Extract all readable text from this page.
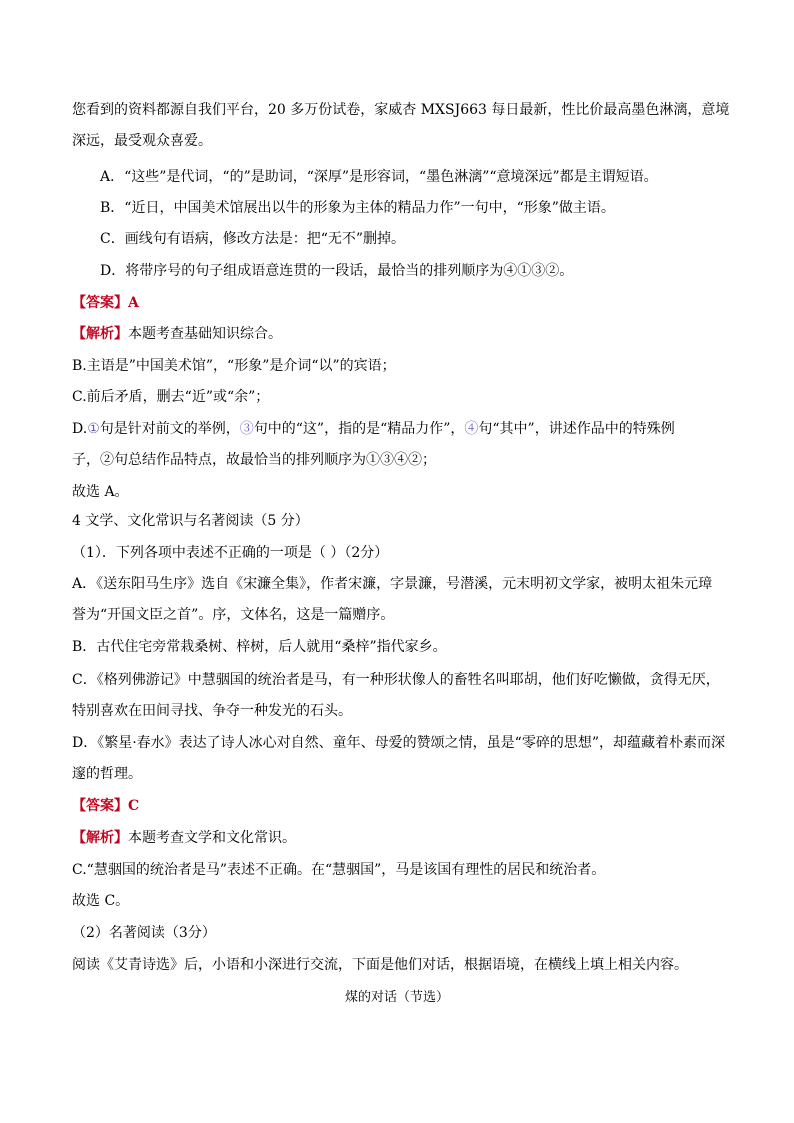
您看到的资料都源自我们平台，20 多万份试卷，家威杏 MXSJ663 每日最新，性比价最高墨色淋漓，意境
深远，最受观众喜爱。
A．“这些”是代词，“的”是助词，“深厚”是形容词，“墨色淋漓”“意境深远”都是主谓短语。
B．“近日，中国美术馆展出以牛的形象为主体的精品力作”一句中，“形象”做主语。
C．画线句有语病，修改方法是：把“无不”删掉。
D．将带序号的句子组成语意连贯的一段话，最恰当的排列顺序为④①③②。
【答案】A
【解析】本题考查基础知识综合。
B.主语是”中国美术馆”，“形象”是介词“以”的宾语；
C.前后矛盾，删去“近”或“余”；
D.①句是针对前文的举例，③句中的“这”，指的是“精品力作”，④句“其中”，讲述作品中的特殊例
子，②句总结作品特点，故最恰当的排列顺序为①③④②；
故选 A。
4 文学、文化常识与名著阅读（5 分）
（1）．下列各项中表述不正确的一项是（ ）（2分）
A．《送东阳马生序》选自《宋濂全集》，作者宋濂，字景濂，号潜溪，元末明初文学家，被明太祖朱元璋
誉为“开国文臣之首”。序，文体名，这是一篇赠序。
B．古代住宅旁常栽桑树、梓树，后人就用“桑梓”指代家乡。
C．《格列佛游记》中慧骃国的统治者是马，有一种形状像人的畜牲名叫耶胡，他们好吃懒做，贪得无厌，
特别喜欢在田间寻找、争夺一种发光的石头。
D．《繁星·春水》表达了诗人冰心对自然、童年、母爱的赞颂之情，虽是“零碎的思想”，却蕴藏着朴素而深
邃的哲理。
【答案】C
【解析】本题考查文学和文化常识。
C.“慧骃国的统治者是马”表述不正确。在“慧骃国”，马是该国有理性的居民和统治者。
故选 C。
（2）名著阅读（3分）
阅读《艾青诗选》后，小语和小深进行交流，下面是他们对话，根据语境，在横线上填上相关内容。
煤的对话（节选）
